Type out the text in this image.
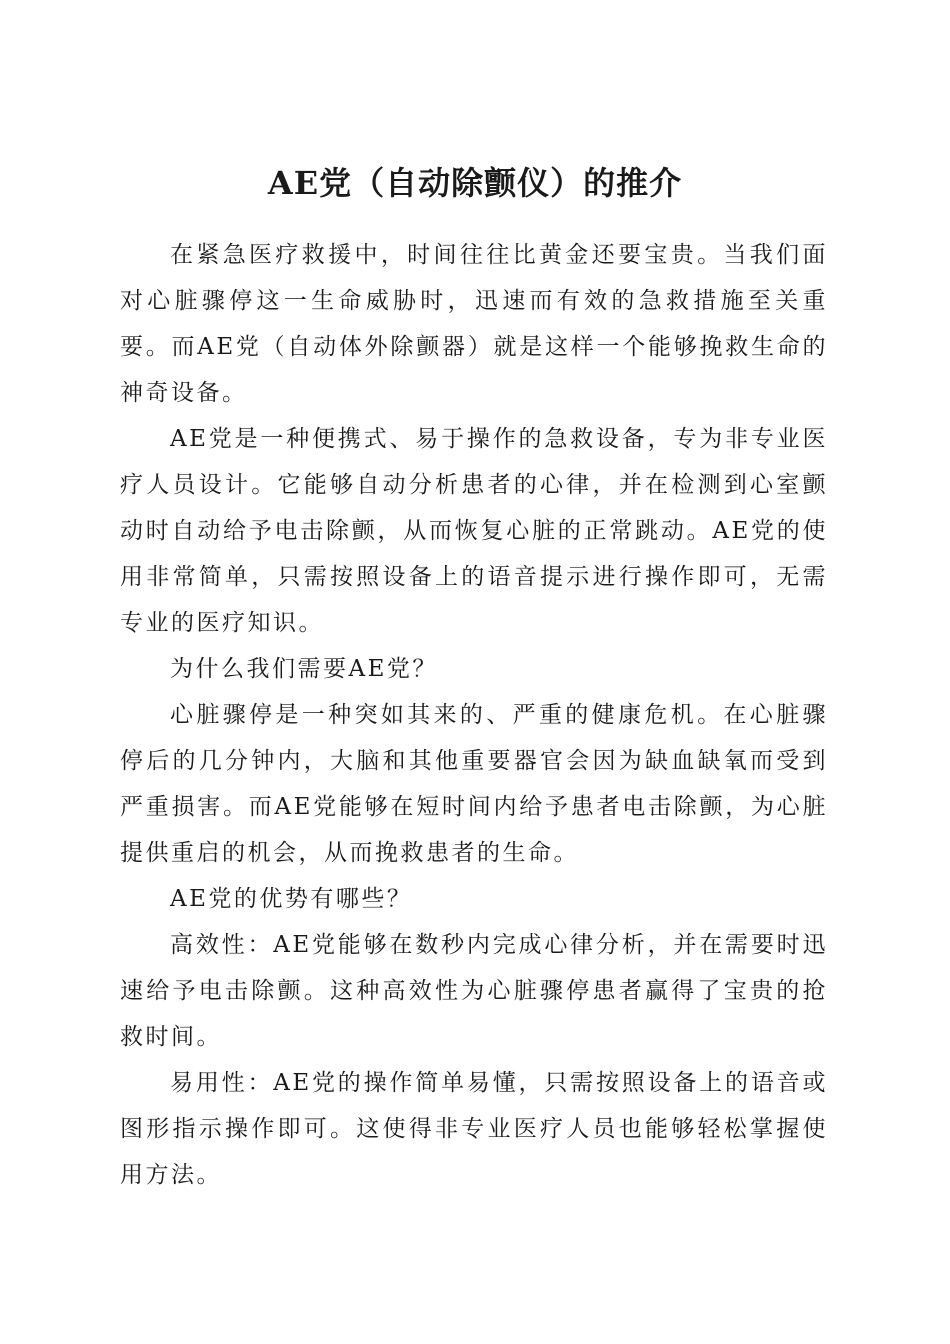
AE党（自动除颤仪）的推介

在紧急医疗救援中，时间往往比黄金还要宝贵。当我们面对心脏骤停这一生命威胁时，迅速而有效的急救措施至关重要。而AE党（自动体外除颤器）就是这样一个能够挽救生命的神奇设备。

AE党是一种便携式、易于操作的急救设备，专为非专业医疗人员设计。它能够自动分析患者的心律，并在检测到心室颤动时自动给予电击除颤，从而恢复心脏的正常跳动。AE党的使用非常简单，只需按照设备上的语音提示进行操作即可，无需专业的医疗知识。

为什么我们需要AE党？

心脏骤停是一种突如其来的、严重的健康危机。在心脏骤停后的几分钟内，大脑和其他重要器官会因为缺血缺氧而受到严重损害。而AE党能够在短时间内给予患者电击除颤，为心脏提供重启的机会，从而挽救患者的生命。

AE党的优势有哪些？

高效性：AE党能够在数秒内完成心律分析，并在需要时迅速给予电击除颤。这种高效性为心脏骤停患者赢得了宝贵的抢救时间。

易用性：AE党的操作简单易懂，只需按照设备上的语音或图形指示操作即可。这使得非专业医疗人员也能够轻松掌握使用方法。
